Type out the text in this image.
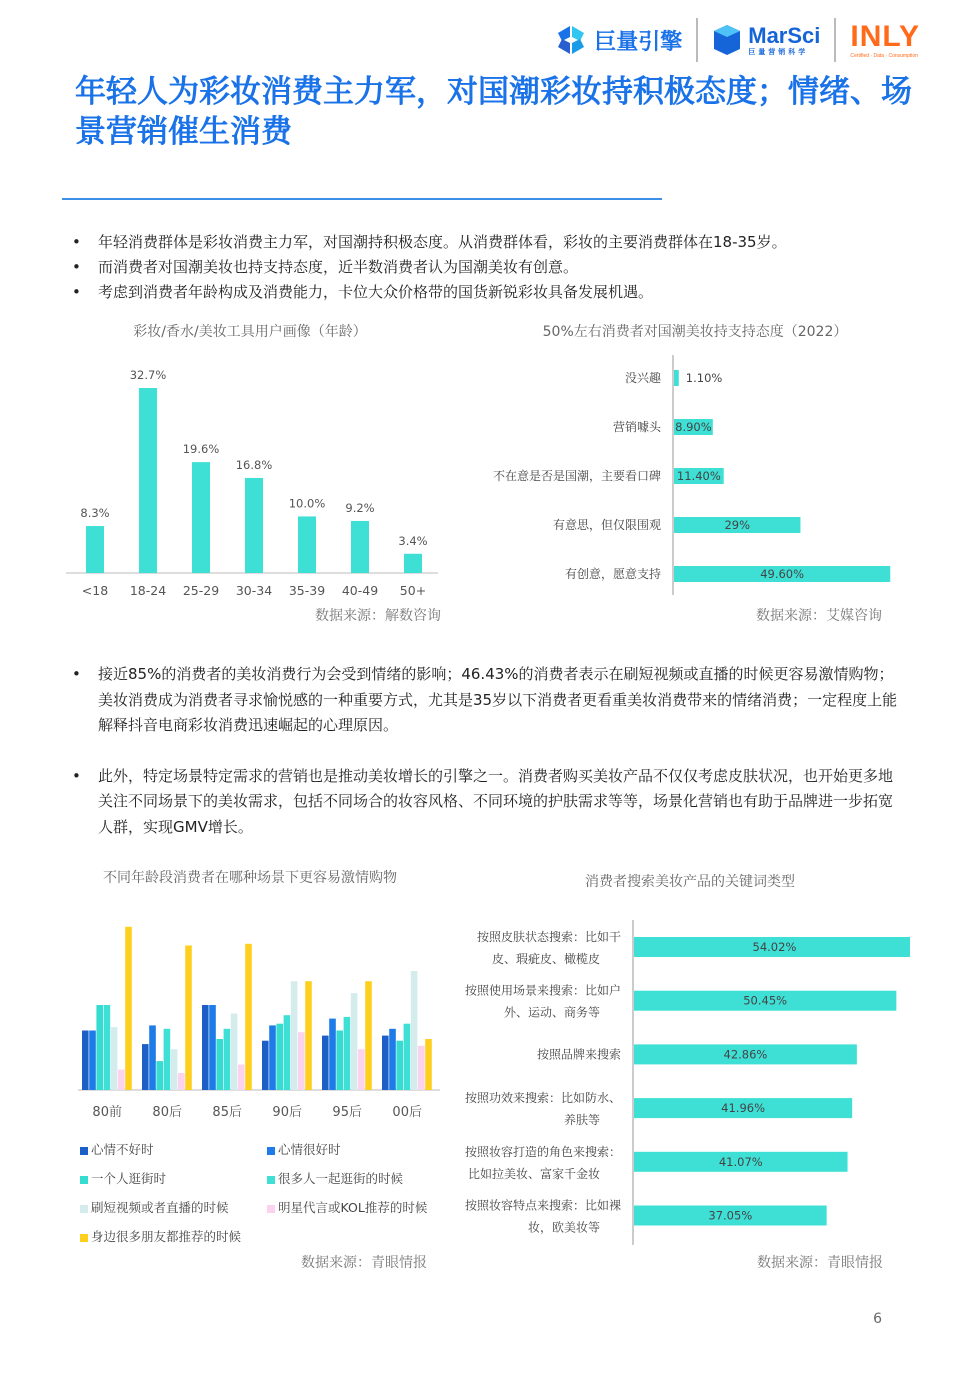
巨量引擎	MarSci
巨量营销科学	INLY
Certified · Data · Consumption
年轻人为彩妆消费主力军，对国潮彩妆持积极态度；情绪、场景营销催生消费
• 年轻消费群体是彩妆消费主力军，对国潮持积极态度。从消费群体看，彩妆的主要消费群体在18-35岁。
• 而消费者对国潮美妆也持支持态度，近半数消费者认为国潮美妆有创意。
• 考虑到消费者年龄构成及消费能力，卡位大众价格带的国货新锐彩妆具备发展机遇。
彩妆/香水/美妆工具用户画像（年龄）
8.3%
<18
32.7%
18-24
19.6%
25-29
16.8%
30-34
10.0%
35-39
9.2%
40-49
3.4%
50+
数据来源：解数咨询
50%左右消费者对国潮美妆持支持态度（2022）
1.10%
没兴趣
8.90%
营销噱头
11.40%
不在意是否是国潮，主要看口碑
29%
有意思，但仅限围观
49.60%
有创意，愿意支持
数据来源：艾媒咨询
• 接近85%的消费者的美妆消费行为会受到情绪的影响；46.43%的消费者表示在刷短视频或直播的时候更容易激情购物；美妆消费成为消费者寻求愉悦感的一种重要方式，尤其是35岁以下消费者更看重美妆消费带来的情绪消费；一定程度上能解释抖音电商彩妆消费迅速崛起的心理原因。
• 此外，特定场景特定需求的营销也是推动美妆增长的引擎之一。消费者购买美妆产品不仅仅考虑皮肤状况，也开始更多地关注不同场景下的美妆需求，包括不同场合的妆容风格、不同环境的护肤需求等等，场景化营销也有助于品牌进一步拓宽人群，实现GMV增长。
不同年龄段消费者在哪种场景下更容易激情购物
80前 80后 85后 90后 95后 00后
心情不好时	心情很好时
一个人逛街时	很多人一起逛街的时候
刷短视频或者直播的时候	明星代言或KOL推荐的时候
身边很多朋友都推荐的时候
数据来源：青眼情报
消费者搜索美妆产品的关键词类型
54.02%
按照皮肤状态搜索：比如干
皮、瑕疵皮、橄榄皮
50.45%
按照使用场景来搜索：比如户
外、运动、商务等
42.86%
按照品牌来搜索
41.96%
按照功效来搜索：比如防水、
养肤等
41.07%
按照妆容打造的角色来搜索：
比如拉美妆、富家千金妆
37.05%
按照妆容特点来搜索：比如裸
妆，欧美妆等
数据来源：青眼情报
6
